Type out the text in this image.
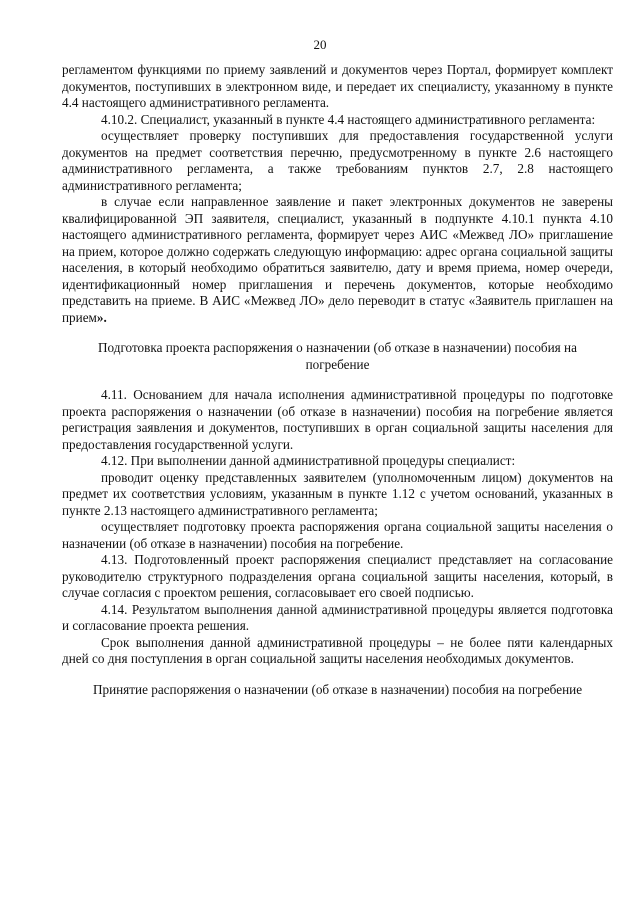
20

регламентом функциями по приему заявлений и документов через Портал, формирует комплект документов, поступивших в электронном виде, и передает их специалисту, указанному в пункте 4.4 настоящего административного регламента.

4.10.2. Специалист, указанный в пункте 4.4 настоящего административного регламента:

осуществляет проверку поступивших для предоставления государственной услуги документов на предмет соответствия перечню, предусмотренному в пункте 2.6 настоящего административного регламента, а также требованиям пунктов 2.7, 2.8 настоящего административного регламента;

в случае если направленное заявление и пакет электронных документов не заверены квалифицированной ЭП заявителя, специалист, указанный в подпункте 4.10.1 пункта 4.10 настоящего административного регламента, формирует через АИС «Межвед ЛО» приглашение на прием, которое должно содержать следующую информацию: адрес органа социальной защиты населения, в который необходимо обратиться заявителю, дату и время приема, номер очереди, идентификационный номер приглашения и перечень документов, которые необходимо представить на приеме. В АИС «Межвед ЛО» дело переводит в статус «Заявитель приглашен на прием».

Подготовка проекта распоряжения о назначении (об отказе в назначении) пособия на погребение

4.11. Основанием для начала исполнения административной процедуры по подготовке проекта распоряжения о назначении (об отказе в назначении) пособия на погребение является регистрация заявления и документов, поступивших в орган социальной защиты населения для предоставления государственной услуги.

4.12. При выполнении данной административной процедуры специалист:

проводит оценку представленных заявителем (уполномоченным лицом) документов на предмет их соответствия условиям, указанным в пункте 1.12 с учетом оснований, указанных в пункте 2.13 настоящего административного регламента;

осуществляет подготовку проекта распоряжения органа социальной защиты населения о назначении (об отказе в назначении) пособия на погребение.

4.13. Подготовленный проект распоряжения специалист представляет на согласование руководителю структурного подразделения органа социальной защиты населения, который, в случае согласия с проектом решения, согласовывает его своей подписью.

4.14. Результатом выполнения данной административной процедуры является подготовка и согласование проекта решения.

Срок выполнения данной административной процедуры – не более пяти календарных дней со дня поступления в орган социальной защиты населения необходимых документов.

Принятие распоряжения о назначении (об отказе в назначении) пособия на погребение
